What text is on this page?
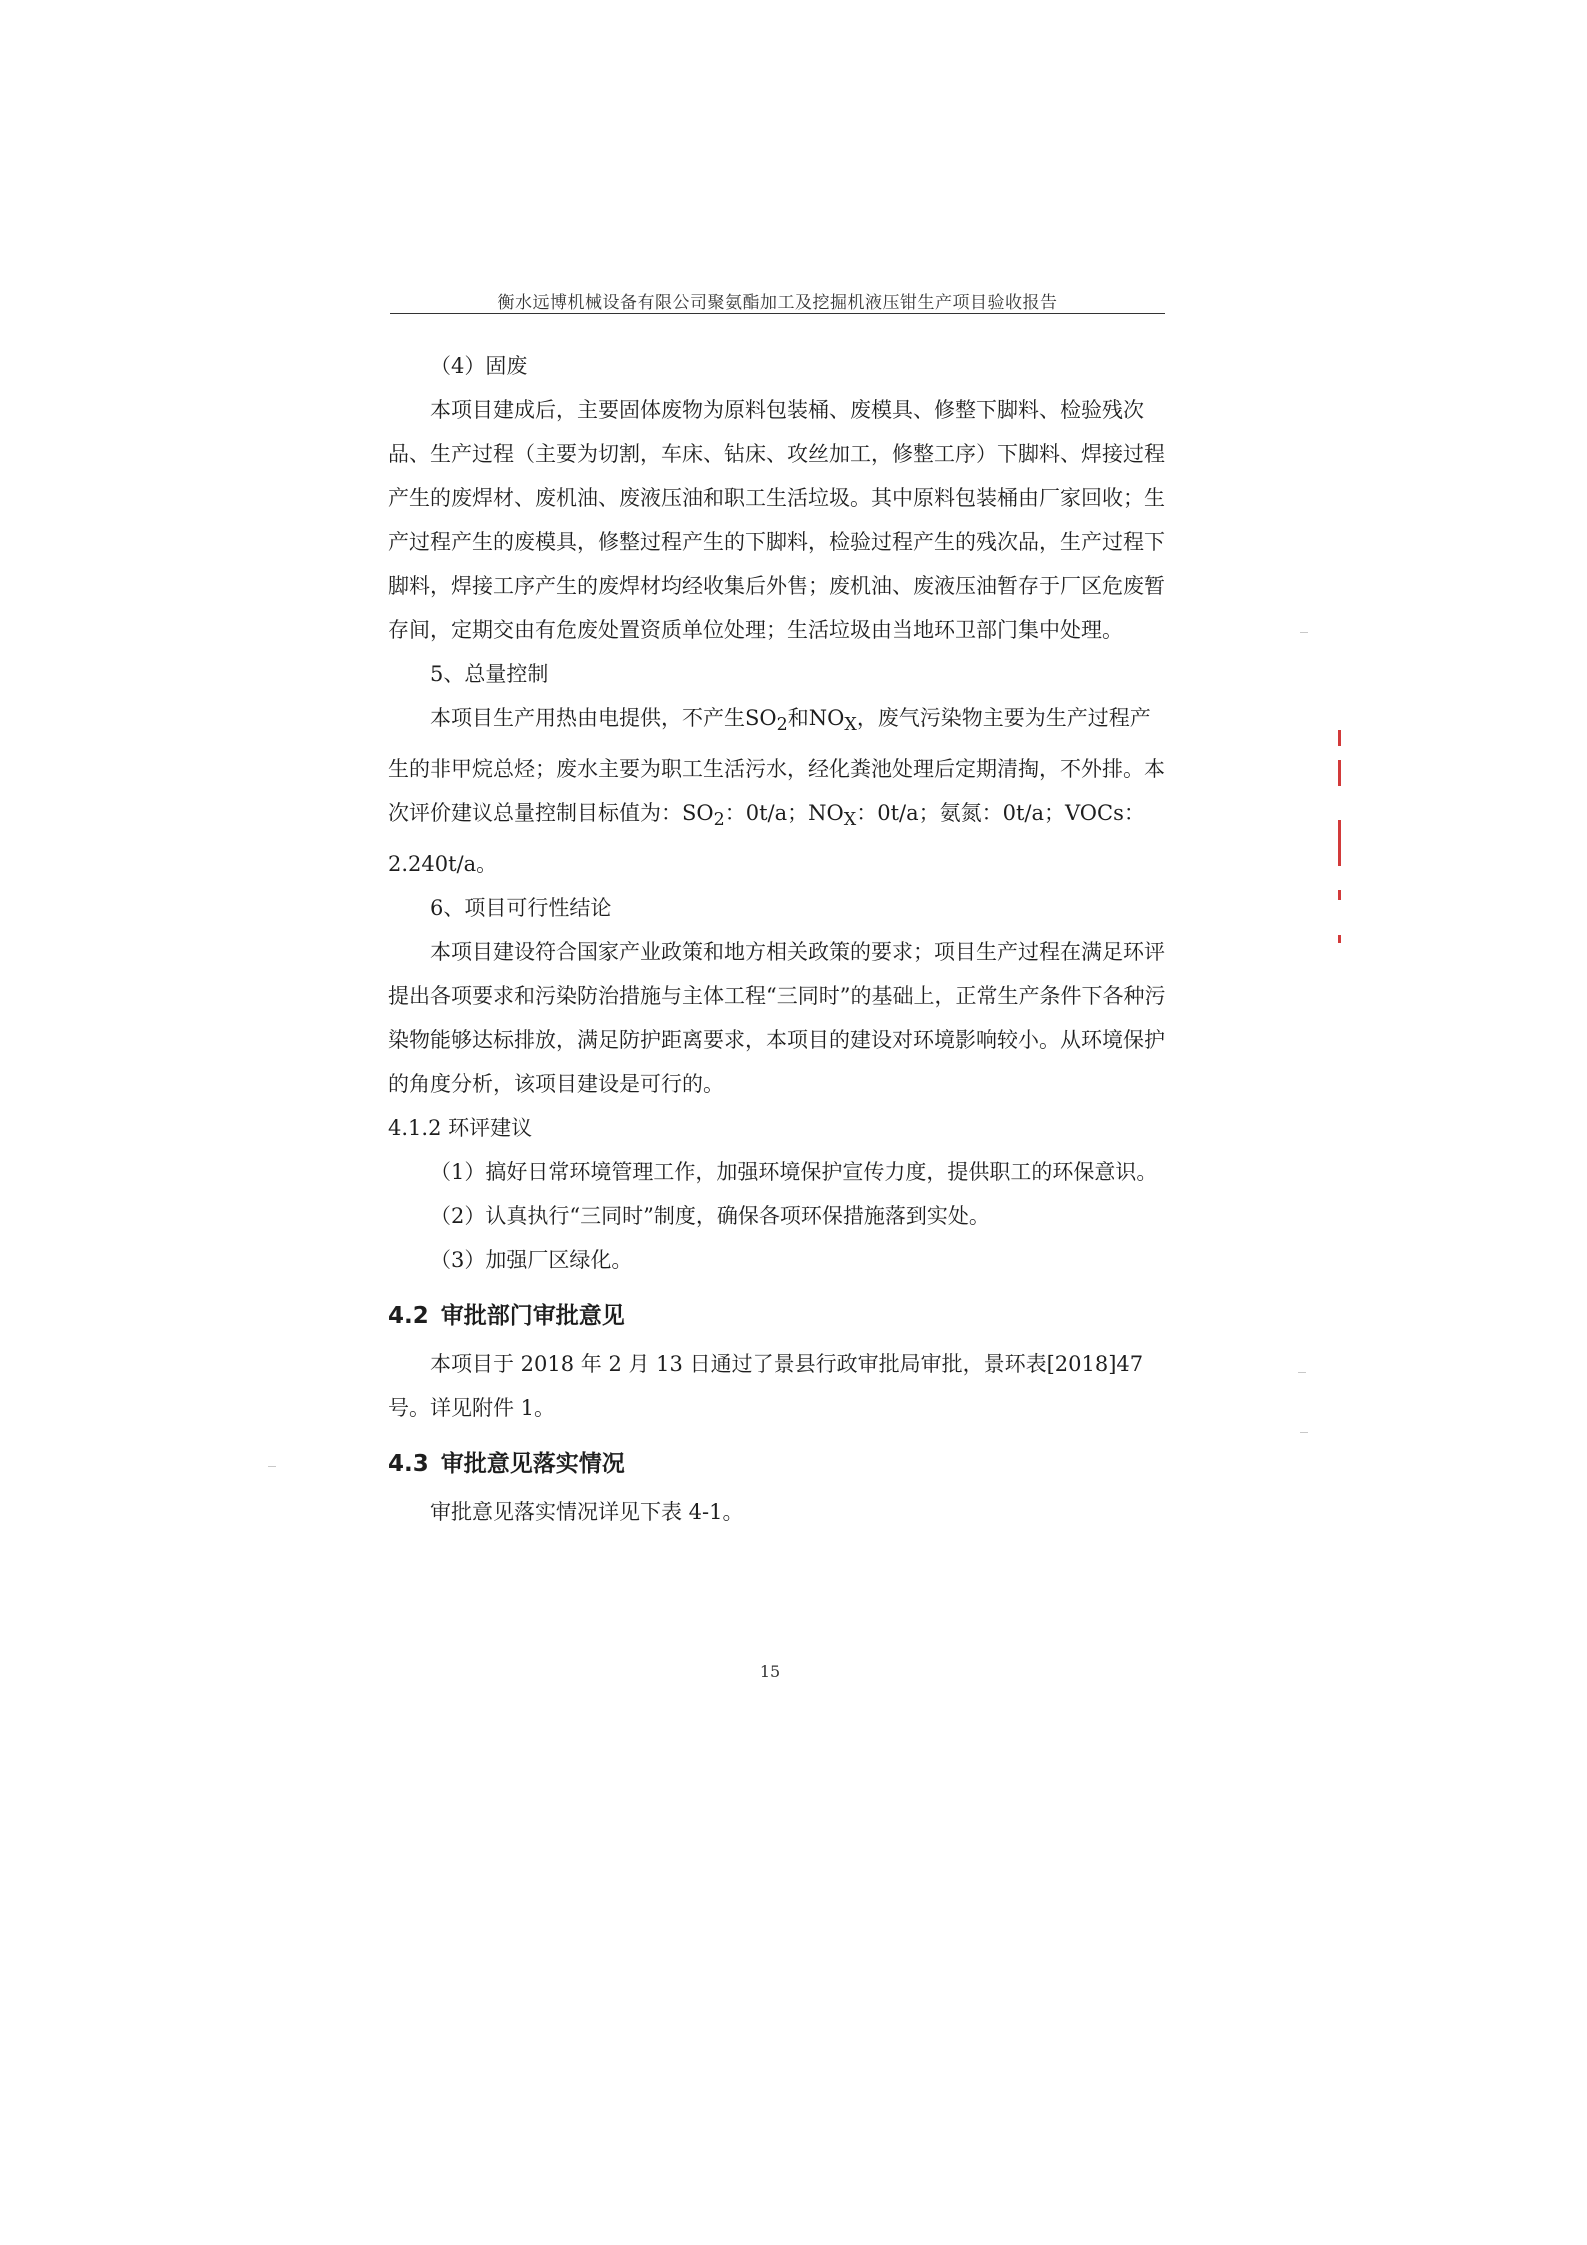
衡水远博机械设备有限公司聚氨酯加工及挖掘机液压钳生产项目验收报告

（4）固废

本项目建成后，主要固体废物为原料包装桶、废模具、修整下脚料、检验残次品、生产过程（主要为切割，车床、钻床、攻丝加工，修整工序）下脚料、焊接过程产生的废焊材、废机油、废液压油和职工生活垃圾。其中原料包装桶由厂家回收；生产过程产生的废模具，修整过程产生的下脚料，检验过程产生的残次品，生产过程下脚料，焊接工序产生的废焊材均经收集后外售；废机油、废液压油暂存于厂区危废暂存间，定期交由有危废处置资质单位处理；生活垃圾由当地环卫部门集中处理。

5、总量控制

本项目生产用热由电提供，不产生$SO_2$和$NO_X$，废气污染物主要为生产过程产生的非甲烷总烃；废水主要为职工生活污水，经化粪池处理后定期清掏，不外排。本次评价建议总量控制目标值为：$SO_2$：0t/a；$NO_X$：0t/a；氨氮：0t/a；VOCs：2.240t/a。

6、项目可行性结论

本项目建设符合国家产业政策和地方相关政策的要求；项目生产过程在满足环评提出各项要求和污染防治措施与主体工程“三同时”的基础上，正常生产条件下各种污染物能够达标排放，满足防护距离要求，本项目的建设对环境影响较小。从环境保护的角度分析，该项目建设是可行的。

4.1.2 环评建议

（1）搞好日常环境管理工作，加强环境保护宣传力度，提供职工的环保意识。

（2）认真执行“三同时”制度，确保各项环保措施落到实处。

（3）加强厂区绿化。

4.2 审批部门审批意见

本项目于 2018 年 2 月 13 日通过了景县行政审批局审批，景环表[2018]47 号。详见附件 1。

4.3 审批意见落实情况

审批意见落实情况详见下表 4-1。

15
